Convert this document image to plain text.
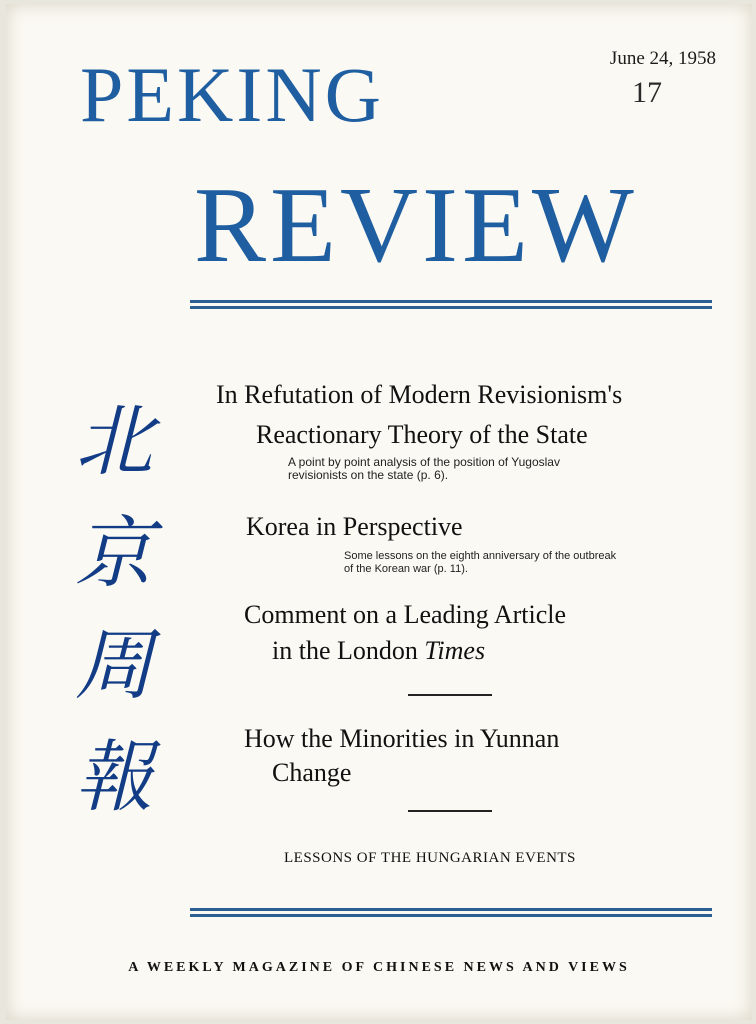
PEKING
REVIEW
June 24, 1958
17
北
京
周
報
In Refutation of Modern Revisionism's
Reactionary Theory of the State

A point by point analysis of the position of Yugoslav

revisionists on the state (p. 6).

Korea in Perspective

Some lessons on the eighth anniversary of the outbreak

of the Korean war (p. 11).

Comment on a Leading Article
in the London Times
How the Minorities in Yunnan
Change
LESSONS OF THE HUNGARIAN EVENTS
A WEEKLY MAGAZINE OF CHINESE NEWS AND VIEWS
